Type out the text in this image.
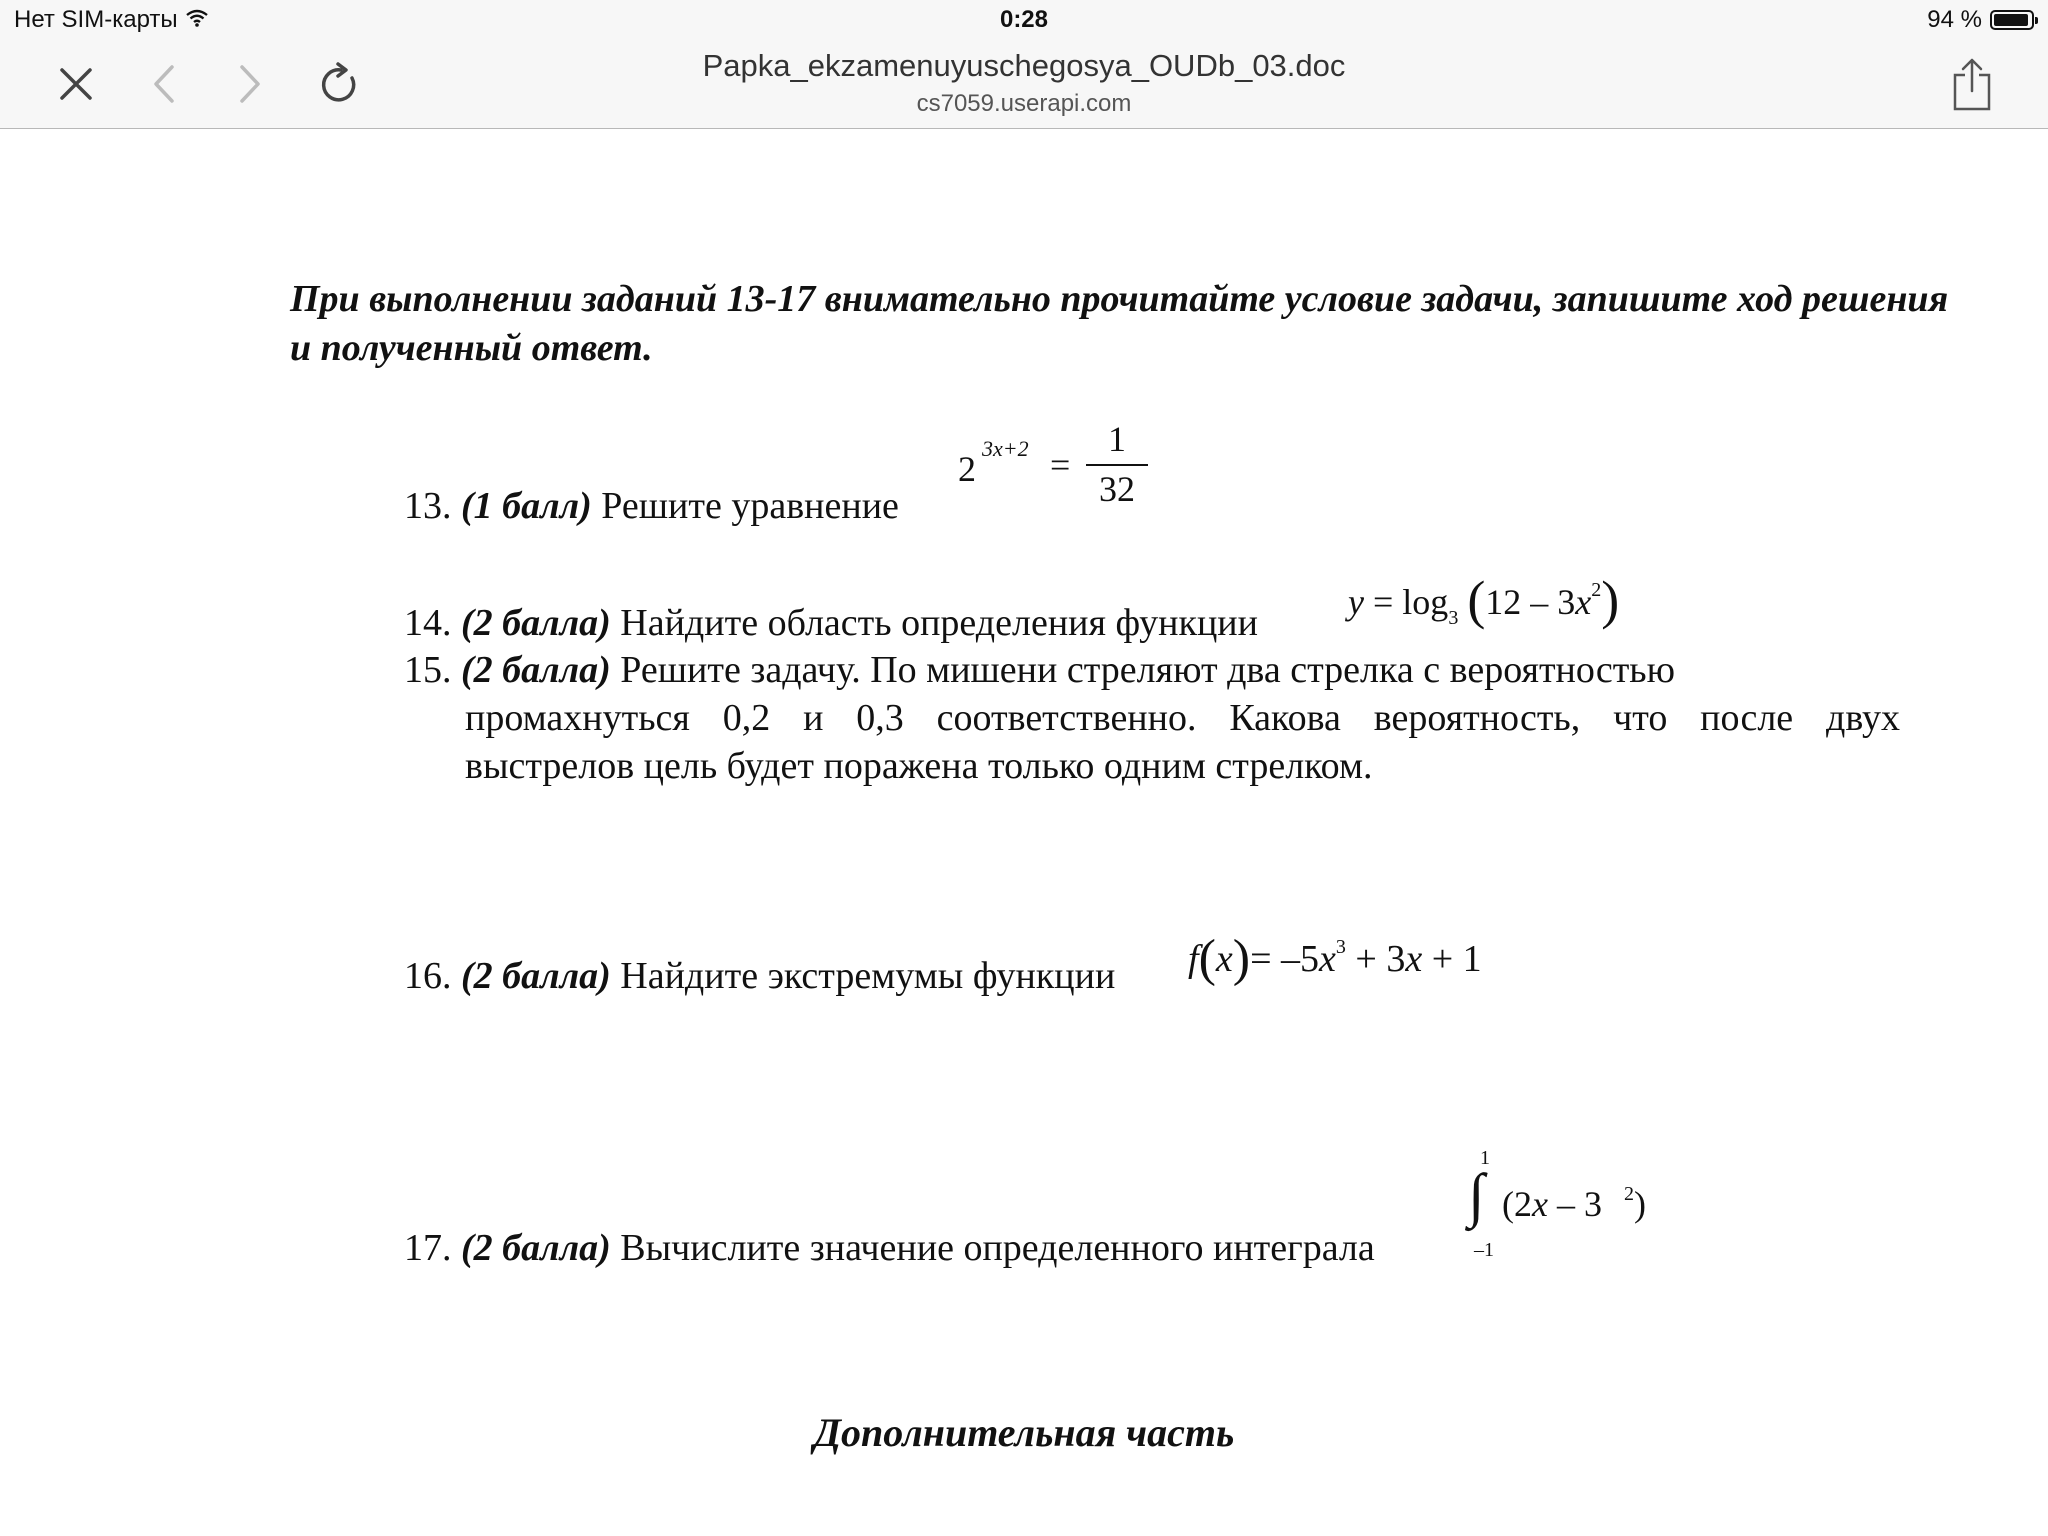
Нет SIM-карты	0:28	94 %
Papka_ekzamenuyuschegosya_OUDb_03.doc
cs7059.userapi.com
При выполнении заданий 13-17 внимательно прочитайте условие задачи, запишите ход решения и полученный ответ.
13. (1 балл) Решите уравнение
2
3x+2 =
1
32
14. (2 балла) Найдите область определения функции	$y = \log_3 (12 - 3x^2)$
15. (2 балла) Решите задачу. По мишени стреляют два стрелка с вероятностью
промахнуться 0,2 и 0,3 соответственно. Какова вероятность, что после двух
выстрелов цель будет поражена только одним стрелком.
16. (2 балла) Найдите экстремумы функции $f(x)= -5x^3 + 3x + 1$
17. (2 балла) Вычислите значение определенного интеграла
1
∫
–1
(2x – 3 $^2$)
Дополнительная часть
